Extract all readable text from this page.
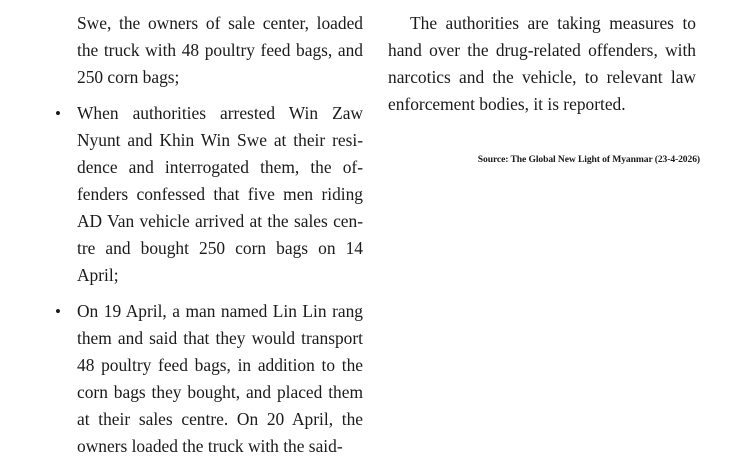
Swe, the owners of sale center, loaded the truck with 48 poultry feed bags, and 250 corn bags;

• When authorities arrested Win Zaw Nyunt and Khin Win Swe at their residence and interrogated them, the offenders confessed that five men riding AD Van vehicle arrived at the sales centre and bought 250 corn bags on 14 April;
• On 19 April, a man named Lin Lin rang them and said that they would transport 48 poultry feed bags, in addition to the corn bags they bought, and placed them at their sales centre. On 20 April, the owners loaded the truck with the said-

The authorities are taking measures to hand over the drug-related offenders, with narcotics and the vehicle, to relevant law enforcement bodies, it is reported.

Source: The Global New Light of Myanmar (23-4-2026)
